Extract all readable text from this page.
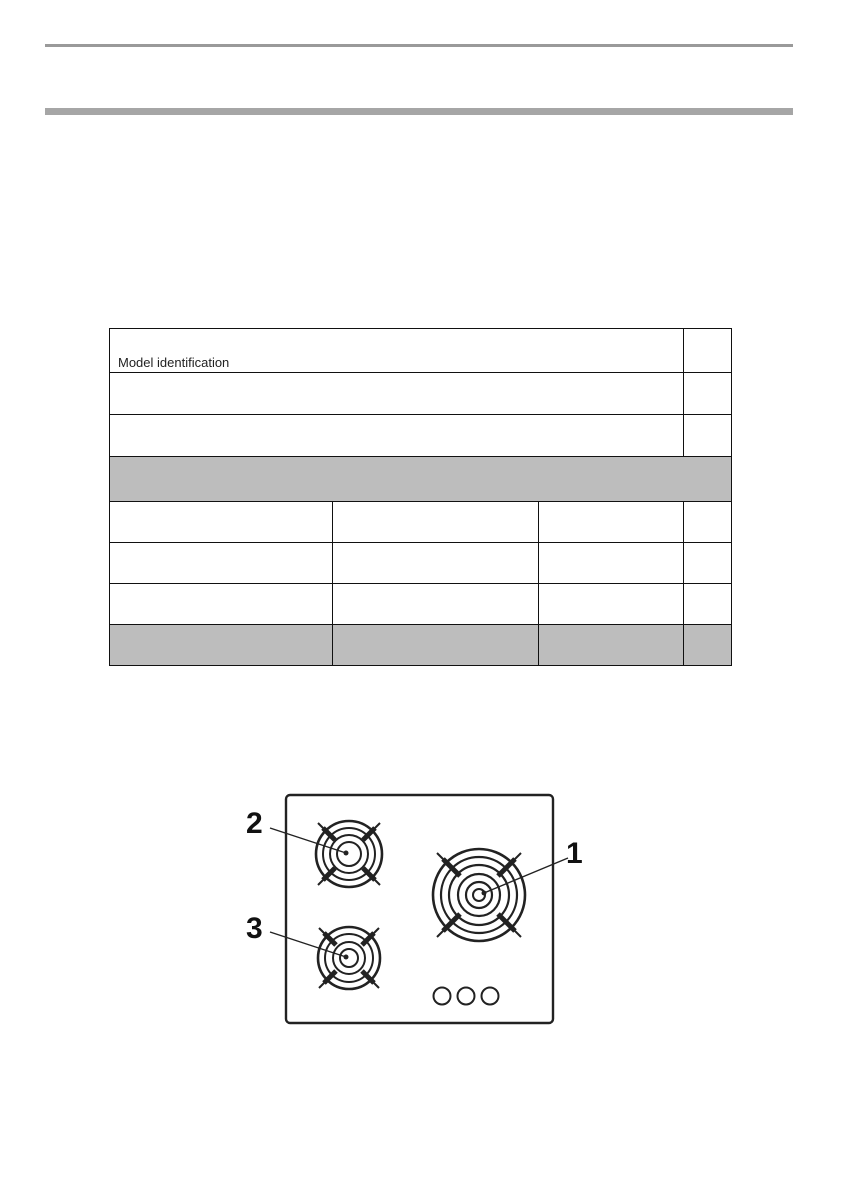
Model identification			

1
2
3
